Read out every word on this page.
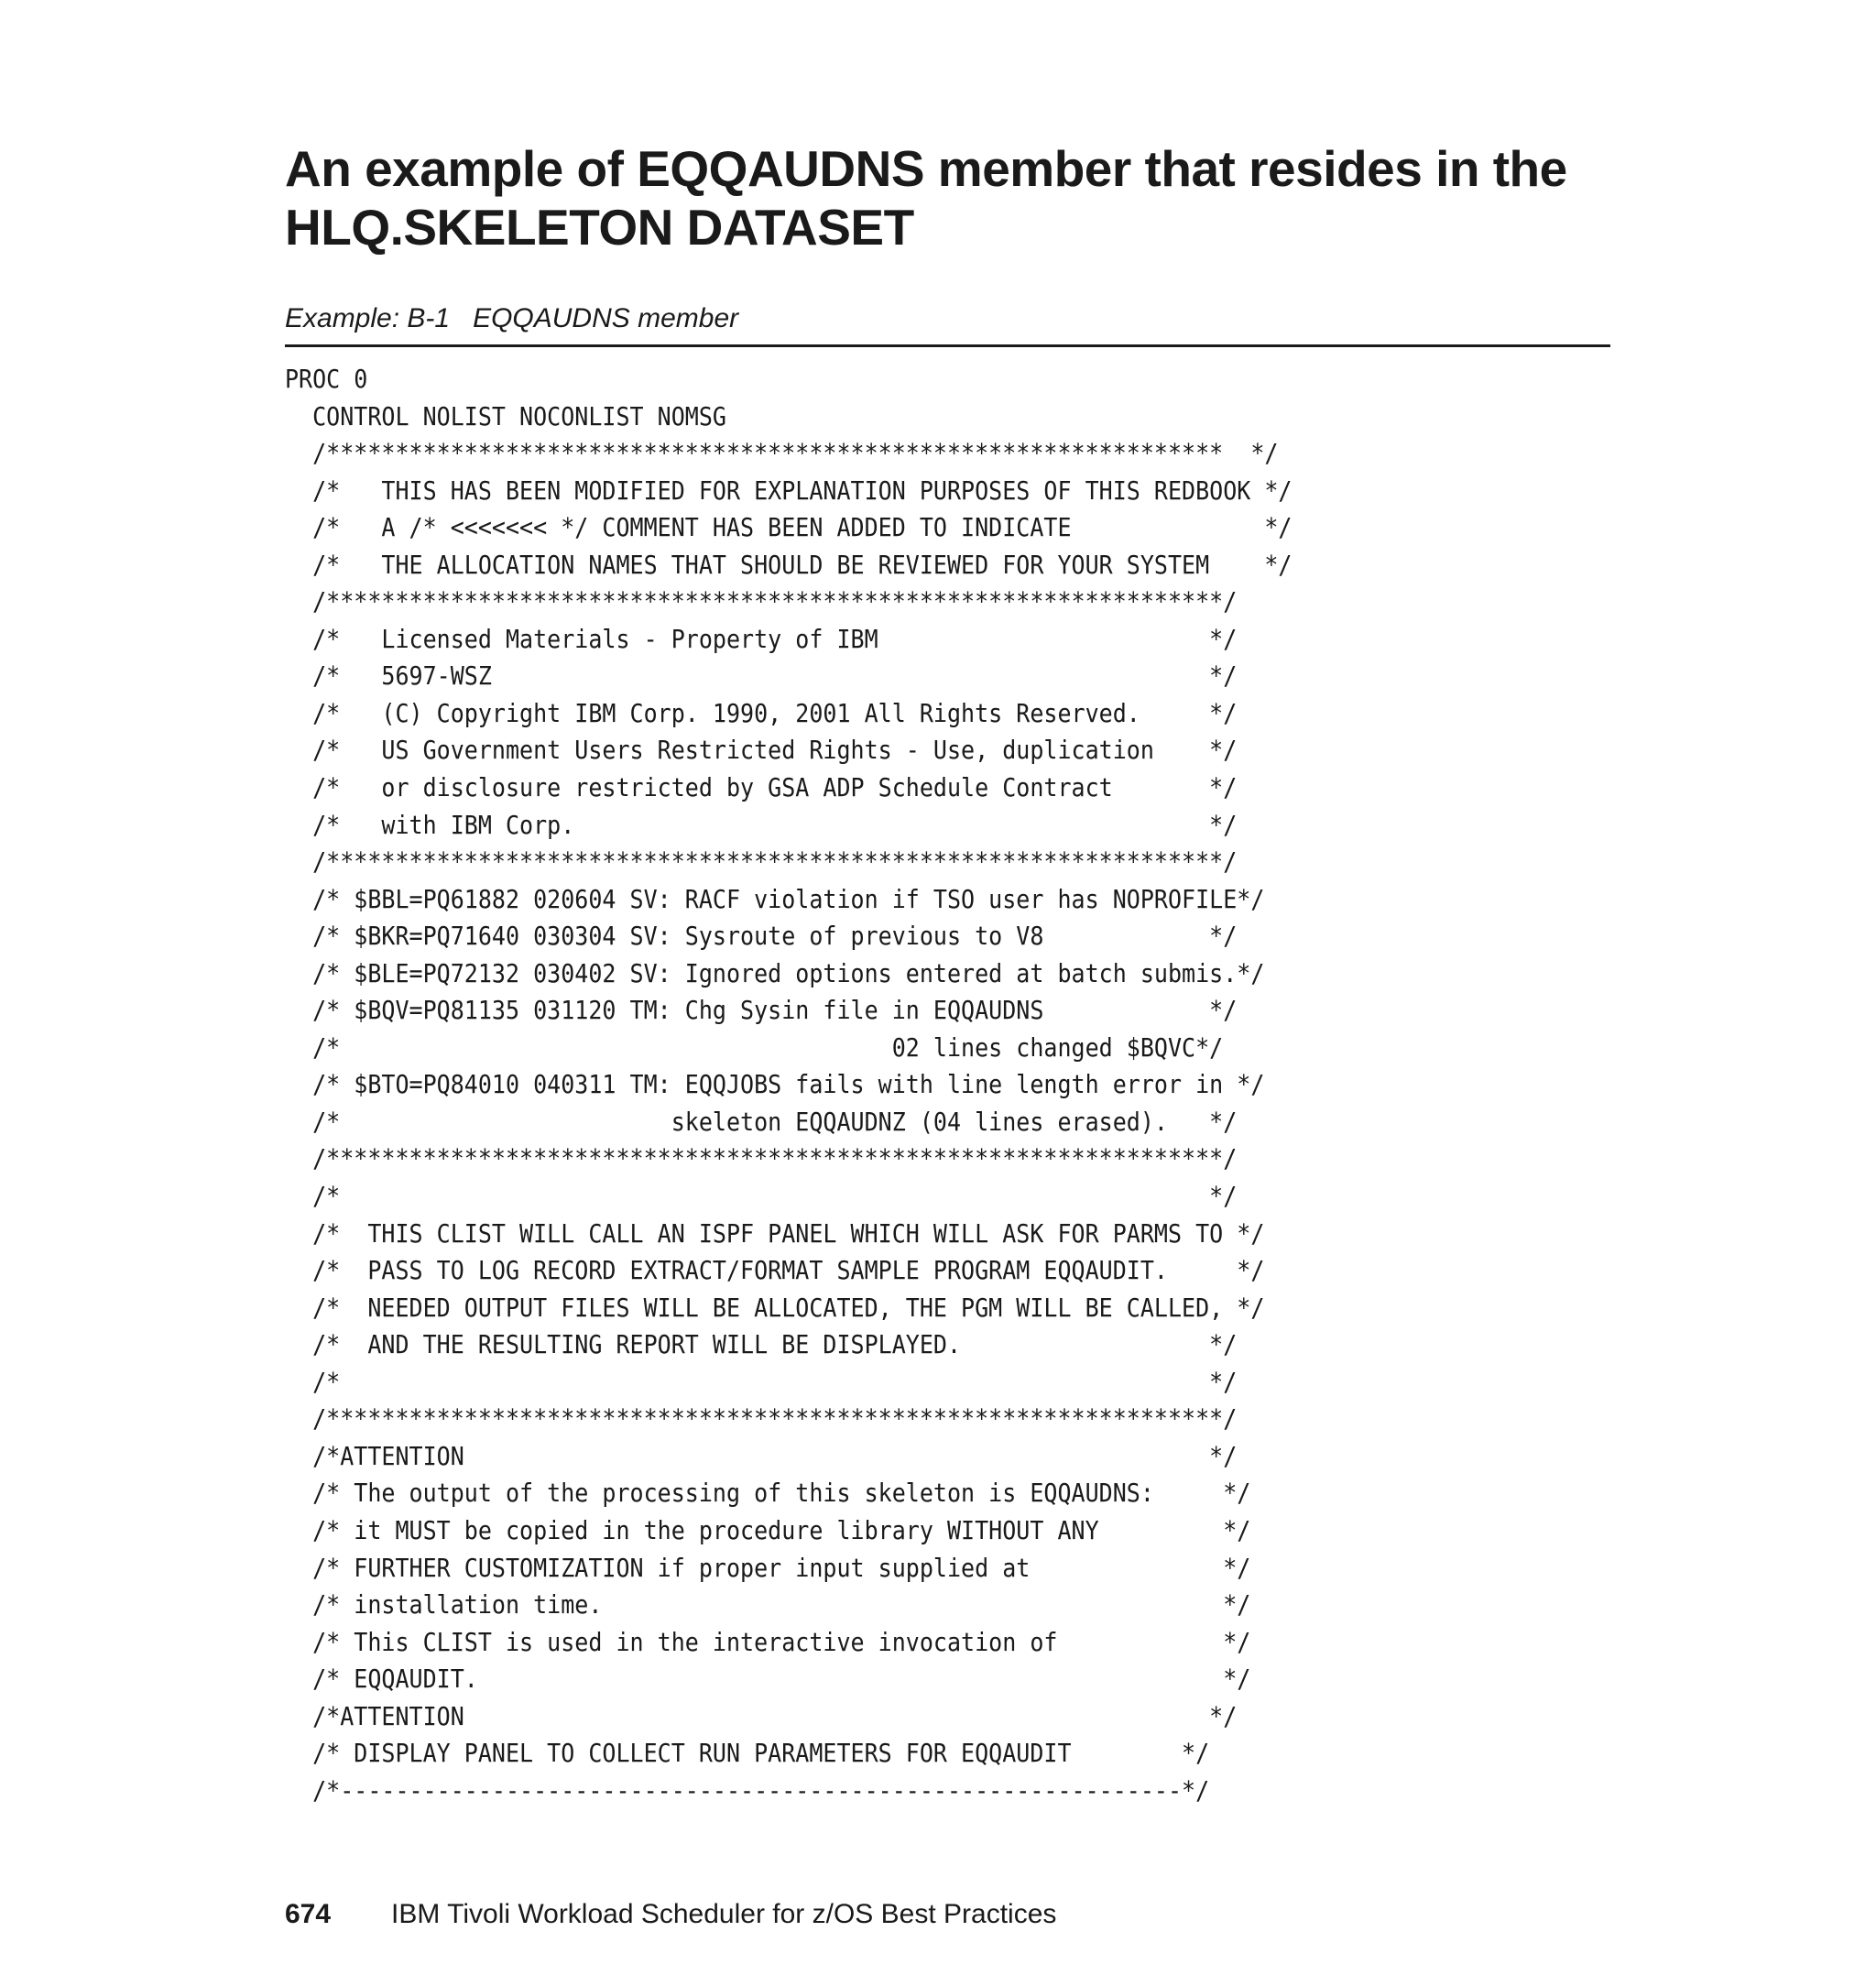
An example of EQQAUDNS member that resides in the
HLQ.SKELETON DATASET
Example: B-1   EQQAUDNS member
PROC 0
CONTROL NOLIST NOCONLIST NOMSG
/*****************************************************************  */
/*   THIS HAS BEEN MODIFIED FOR EXPLANATION PURPOSES OF THIS REDBOOK */
/*   A /* <<<<<<< */ COMMENT HAS BEEN ADDED TO INDICATE              */
/*   THE ALLOCATION NAMES THAT SHOULD BE REVIEWED FOR YOUR SYSTEM    */
/*****************************************************************/
/*   Licensed Materials - Property of IBM                        */
/*   5697-WSZ                                                    */
/*   (C) Copyright IBM Corp. 1990, 2001 All Rights Reserved.     */
/*   US Government Users Restricted Rights - Use, duplication    */
/*   or disclosure restricted by GSA ADP Schedule Contract       */
/*   with IBM Corp.                                              */
/*****************************************************************/
/* $BBL=PQ61882 020604 SV: RACF violation if TSO user has NOPROFILE*/
/* $BKR=PQ71640 030304 SV: Sysroute of previous to V8            */
/* $BLE=PQ72132 030402 SV: Ignored options entered at batch submis.*/
/* $BQV=PQ81135 031120 TM: Chg Sysin file in EQQAUDNS            */
/*                                        02 lines changed $BQVC*/
/* $BTO=PQ84010 040311 TM: EQQJOBS fails with line length error in */
/*                        skeleton EQQAUDNZ (04 lines erased).   */
/*****************************************************************/
/*                                                               */
/*  THIS CLIST WILL CALL AN ISPF PANEL WHICH WILL ASK FOR PARMS TO */
/*  PASS TO LOG RECORD EXTRACT/FORMAT SAMPLE PROGRAM EQQAUDIT.     */
/*  NEEDED OUTPUT FILES WILL BE ALLOCATED, THE PGM WILL BE CALLED, */
/*  AND THE RESULTING REPORT WILL BE DISPLAYED.                  */
/*                                                               */
/*****************************************************************/
/*ATTENTION                                                      */
/* The output of the processing of this skeleton is EQQAUDNS:     */
/* it MUST be copied in the procedure library WITHOUT ANY         */
/* FURTHER CUSTOMIZATION if proper input supplied at              */
/* installation time.                                             */
/* This CLIST is used in the interactive invocation of            */
/* EQQAUDIT.                                                      */
/*ATTENTION                                                      */
/* DISPLAY PANEL TO COLLECT RUN PARAMETERS FOR EQQAUDIT        */
/*-------------------------------------------------------------*/
674 IBM Tivoli Workload Scheduler for z/OS Best Practices
